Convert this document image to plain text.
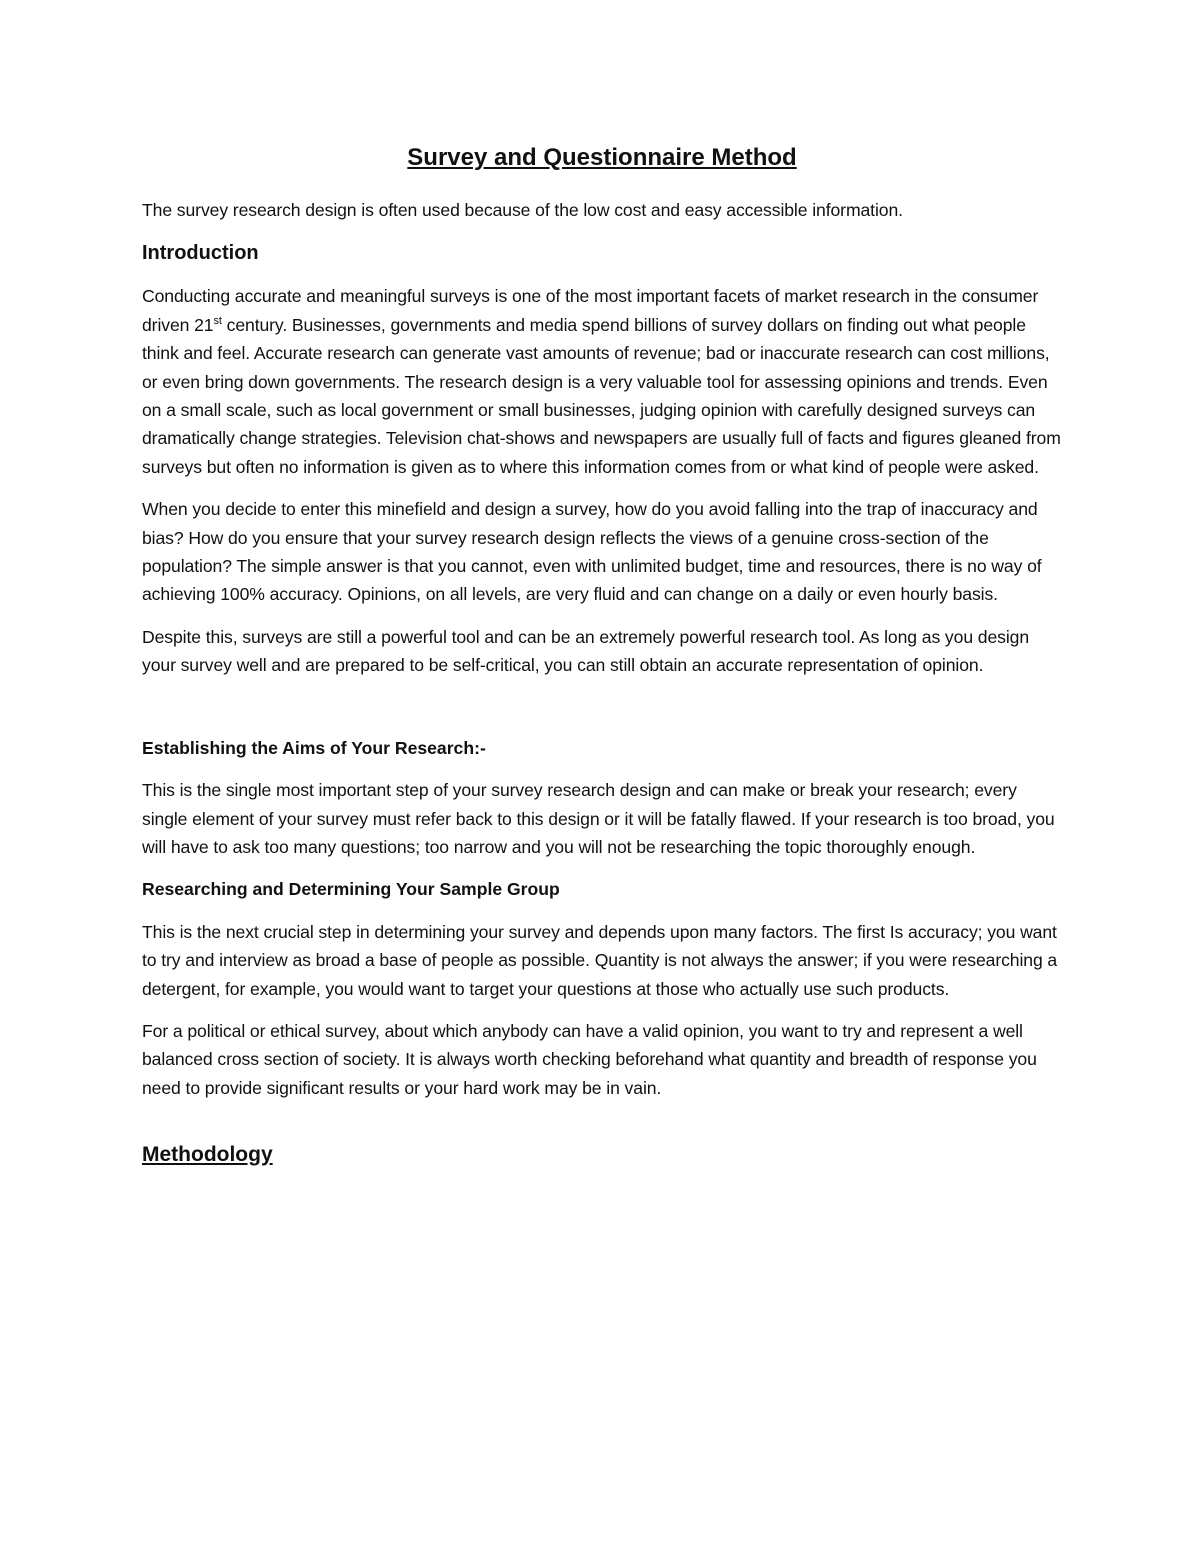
Survey and Questionnaire Method

The survey research design is often used because of the low cost and easy accessible information.

Introduction

Conducting accurate and meaningful surveys is one of the most important facets of market research in the consumer driven 21st century. Businesses, governments and media spend billions of survey dollars on finding out what people think and feel. Accurate research can generate vast amounts of revenue; bad or inaccurate research can cost millions, or even bring down governments. The research design is a very valuable tool for assessing opinions and trends. Even on a small scale, such as local government or small businesses, judging opinion with carefully designed surveys can dramatically change strategies. Television chat-shows and newspapers are usually full of facts and figures gleaned from surveys but often no information is given as to where this information comes from or what kind of people were asked.

When you decide to enter this minefield and design a survey, how do you avoid falling into the trap of inaccuracy and bias? How do you ensure that your survey research design reflects the views of a genuine cross-section of the population? The simple answer is that you cannot, even with unlimited budget, time and resources, there is no way of achieving 100% accuracy. Opinions, on all levels, are very fluid and can change on a daily or even hourly basis.

Despite this, surveys are still a powerful tool and can be an extremely powerful research tool. As long as you design your survey well and are prepared to be self-critical, you can still obtain an accurate representation of opinion.

Establishing the Aims of Your Research:-

This is the single most important step of your survey research design and can make or break your research; every single element of your survey must refer back to this design or it will be fatally flawed. If your research is too broad, you will have to ask too many questions; too narrow and you will not be researching the topic thoroughly enough.

Researching and Determining Your Sample Group

This is the next crucial step in determining your survey and depends upon many factors. The first Is accuracy; you want to try and interview as broad a base of people as possible. Quantity is not always the answer; if you were researching a detergent, for example, you would want to target your questions at those who actually use such products.

For a political or ethical survey, about which anybody can have a valid opinion, you want to try and represent a well balanced cross section of society. It is always worth checking beforehand what quantity and breadth of response you need to provide significant results or your hard work may be in vain.

Methodology
